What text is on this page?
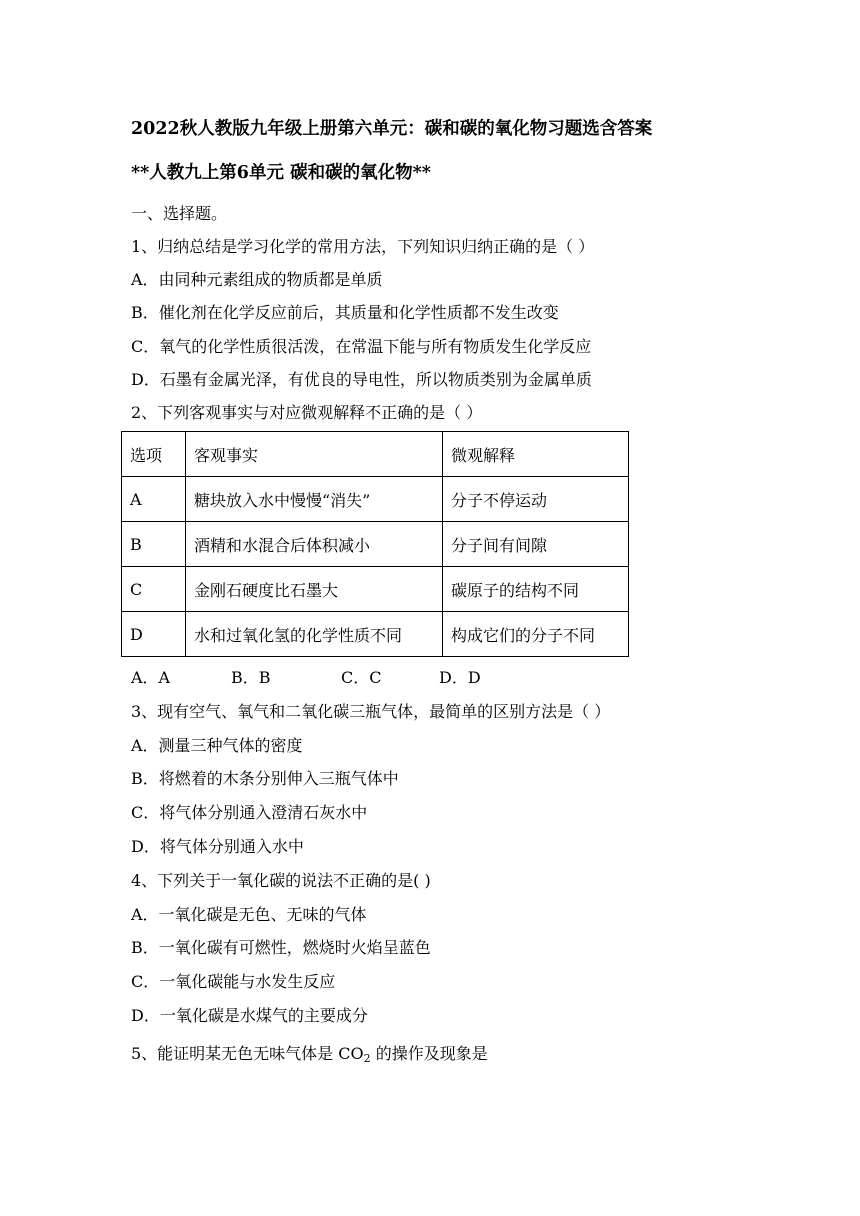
2022秋人教版九年级上册第六单元：碳和碳的氧化物习题选含答案
**人教九上第6单元 碳和碳的氧化物**
一、选择题。
1、归纳总结是学习化学的常用方法，下列知识归纳正确的是（ ）
A．由同种元素组成的物质都是单质
B．催化剂在化学反应前后，其质量和化学性质都不发生改变
C．氧气的化学性质很活泼，在常温下能与所有物质发生化学反应
D．石墨有金属光泽，有优良的导电性，所以物质类别为金属单质
2、下列客观事实与对应微观解释不正确的是（ ）
选项	客观事实	微观解释
A	糖块放入水中慢慢“消失”	分子不停运动
B	酒精和水混合后体积减小	分子间有间隙
C	金刚石硬度比石墨大	碳原子的结构不同
D	水和过氧化氢的化学性质不同	构成它们的分子不同
A．A	B．B	C．C	D．D
3、现有空气、氧气和二氧化碳三瓶气体，最简单的区别方法是（ ）
A．测量三种气体的密度
B．将燃着的木条分别伸入三瓶气体中
C．将气体分别通入澄清石灰水中
D．将气体分别通入水中
4、下列关于一氧化碳的说法不正确的是( )
A．一氧化碳是无色、无味的气体
B．一氧化碳有可燃性，燃烧时火焰呈蓝色
C．一氧化碳能与水发生反应
D．一氧化碳是水煤气的主要成分
5、能证明某无色无味气体是 $CO_2$ 的操作及现象是
